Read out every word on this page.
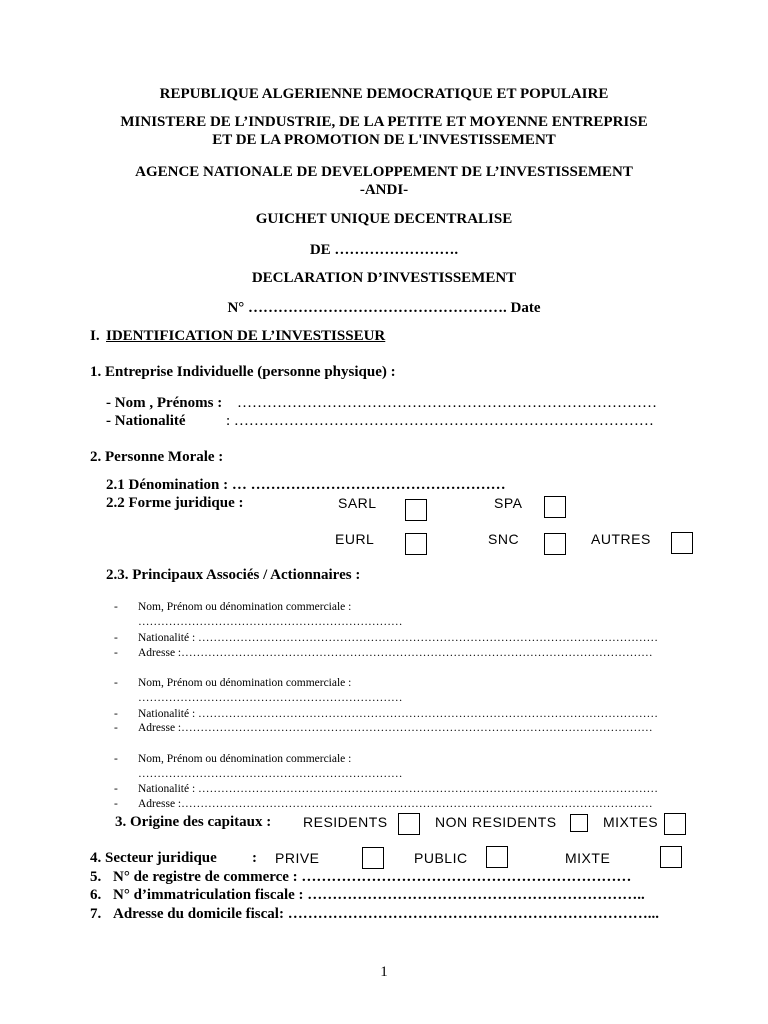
REPUBLIQUE ALGERIENNE DEMOCRATIQUE ET POPULAIRE
MINISTERE DE L’INDUSTRIE, DE LA PETITE ET MOYENNE ENTREPRISE
ET DE LA PROMOTION DE L'INVESTISSEMENT
AGENCE NATIONALE DE DEVELOPPEMENT DE L’INVESTISSEMENT
-ANDI-
GUICHET UNIQUE DECENTRALISE
DE …………………….
DECLARATION D’INVESTISSEMENT
N° ……………………………………………. Date
I. IDENTIFICATION DE L’INVESTISSEUR
1. Entreprise Individuelle (personne physique) :
- Nom , Prénoms : …………………………………………………………………………
- Nationalité	: …………………………………………………………………………
2. Personne Morale :
2.1 Dénomination : … ……………………………………………
2.2 Forme juridique :	SARL	SPA
EURL	SNC	AUTRES
2.3. Principaux Associés / Actionnaires :
- Nom, Prénom ou dénomination commerciale :
……………………………………………………………
- Nationalité : …………………………………………………………………………………………………………
- Adresse :……………………………………………………………………………………………………………
- Nom, Prénom ou dénomination commerciale :
……………………………………………………………
- Nationalité : …………………………………………………………………………………………………………
- Adresse :……………………………………………………………………………………………………………
- Nom, Prénom ou dénomination commerciale :
……………………………………………………………
- Nationalité : …………………………………………………………………………………………………………
- Adresse :……………………………………………………………………………………………………………
3. Origine des capitaux : RESIDENTS	NON RESIDENTS	MIXTES
4. Secteur juridique : PRIVE	PUBLIC	MIXTE
5. N° de registre de commerce : …………………………………………………………
6. N° d’immatriculation fiscale : …………………………………………………………..
7. Adresse du domicile fiscal: ………………………………………………………………...
1
